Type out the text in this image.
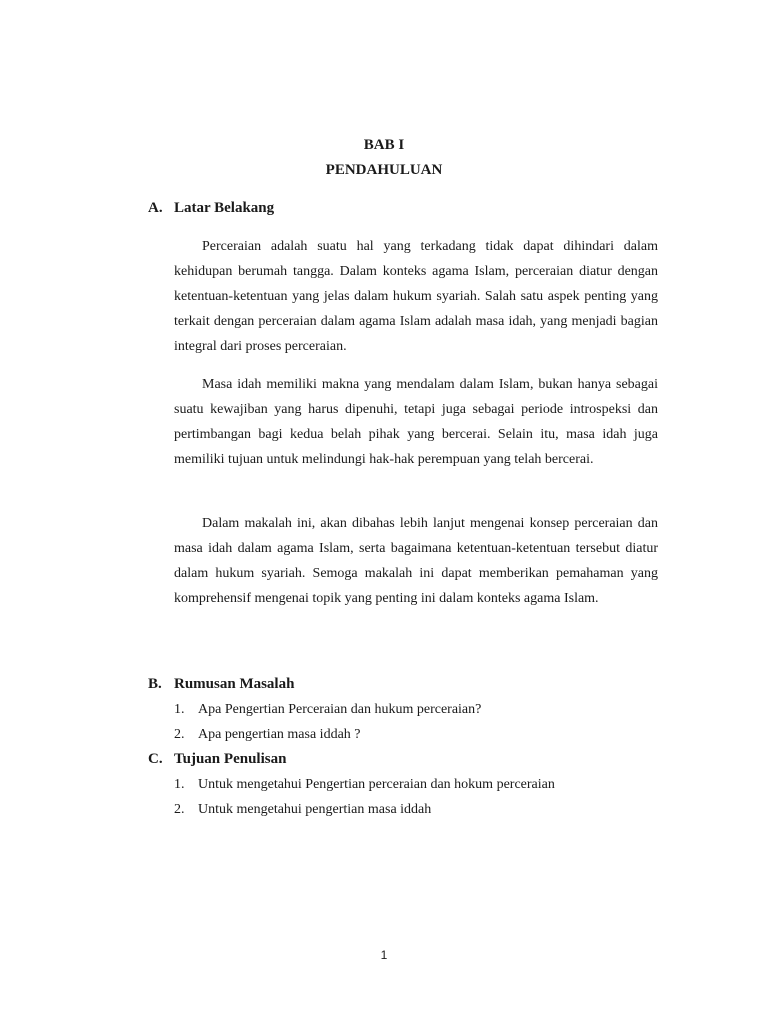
BAB I
PENDAHULUAN
A. Latar Belakang

Perceraian adalah suatu hal yang terkadang tidak dapat dihindari dalam kehidupan berumah tangga. Dalam konteks agama Islam, perceraian diatur dengan ketentuan-ketentuan yang jelas dalam hukum syariah. Salah satu aspek penting yang terkait dengan perceraian dalam agama Islam adalah masa idah, yang menjadi bagian integral dari proses perceraian.

Masa idah memiliki makna yang mendalam dalam Islam, bukan hanya sebagai suatu kewajiban yang harus dipenuhi, tetapi juga sebagai periode introspeksi dan pertimbangan bagi kedua belah pihak yang bercerai. Selain itu, masa idah juga memiliki tujuan untuk melindungi hak-hak perempuan yang telah bercerai.

Dalam makalah ini, akan dibahas lebih lanjut mengenai konsep perceraian dan masa idah dalam agama Islam, serta bagaimana ketentuan-ketentuan tersebut diatur dalam hukum syariah. Semoga makalah ini dapat memberikan pemahaman yang komprehensif mengenai topik yang penting ini dalam konteks agama Islam.

B. Rumusan Masalah
1. Apa Pengertian Perceraian dan hukum perceraian?
2. Apa pengertian masa iddah ?
C. Tujuan Penulisan
1. Untuk mengetahui Pengertian perceraian dan hokum perceraian
2. Untuk mengetahui pengertian masa iddah
1
